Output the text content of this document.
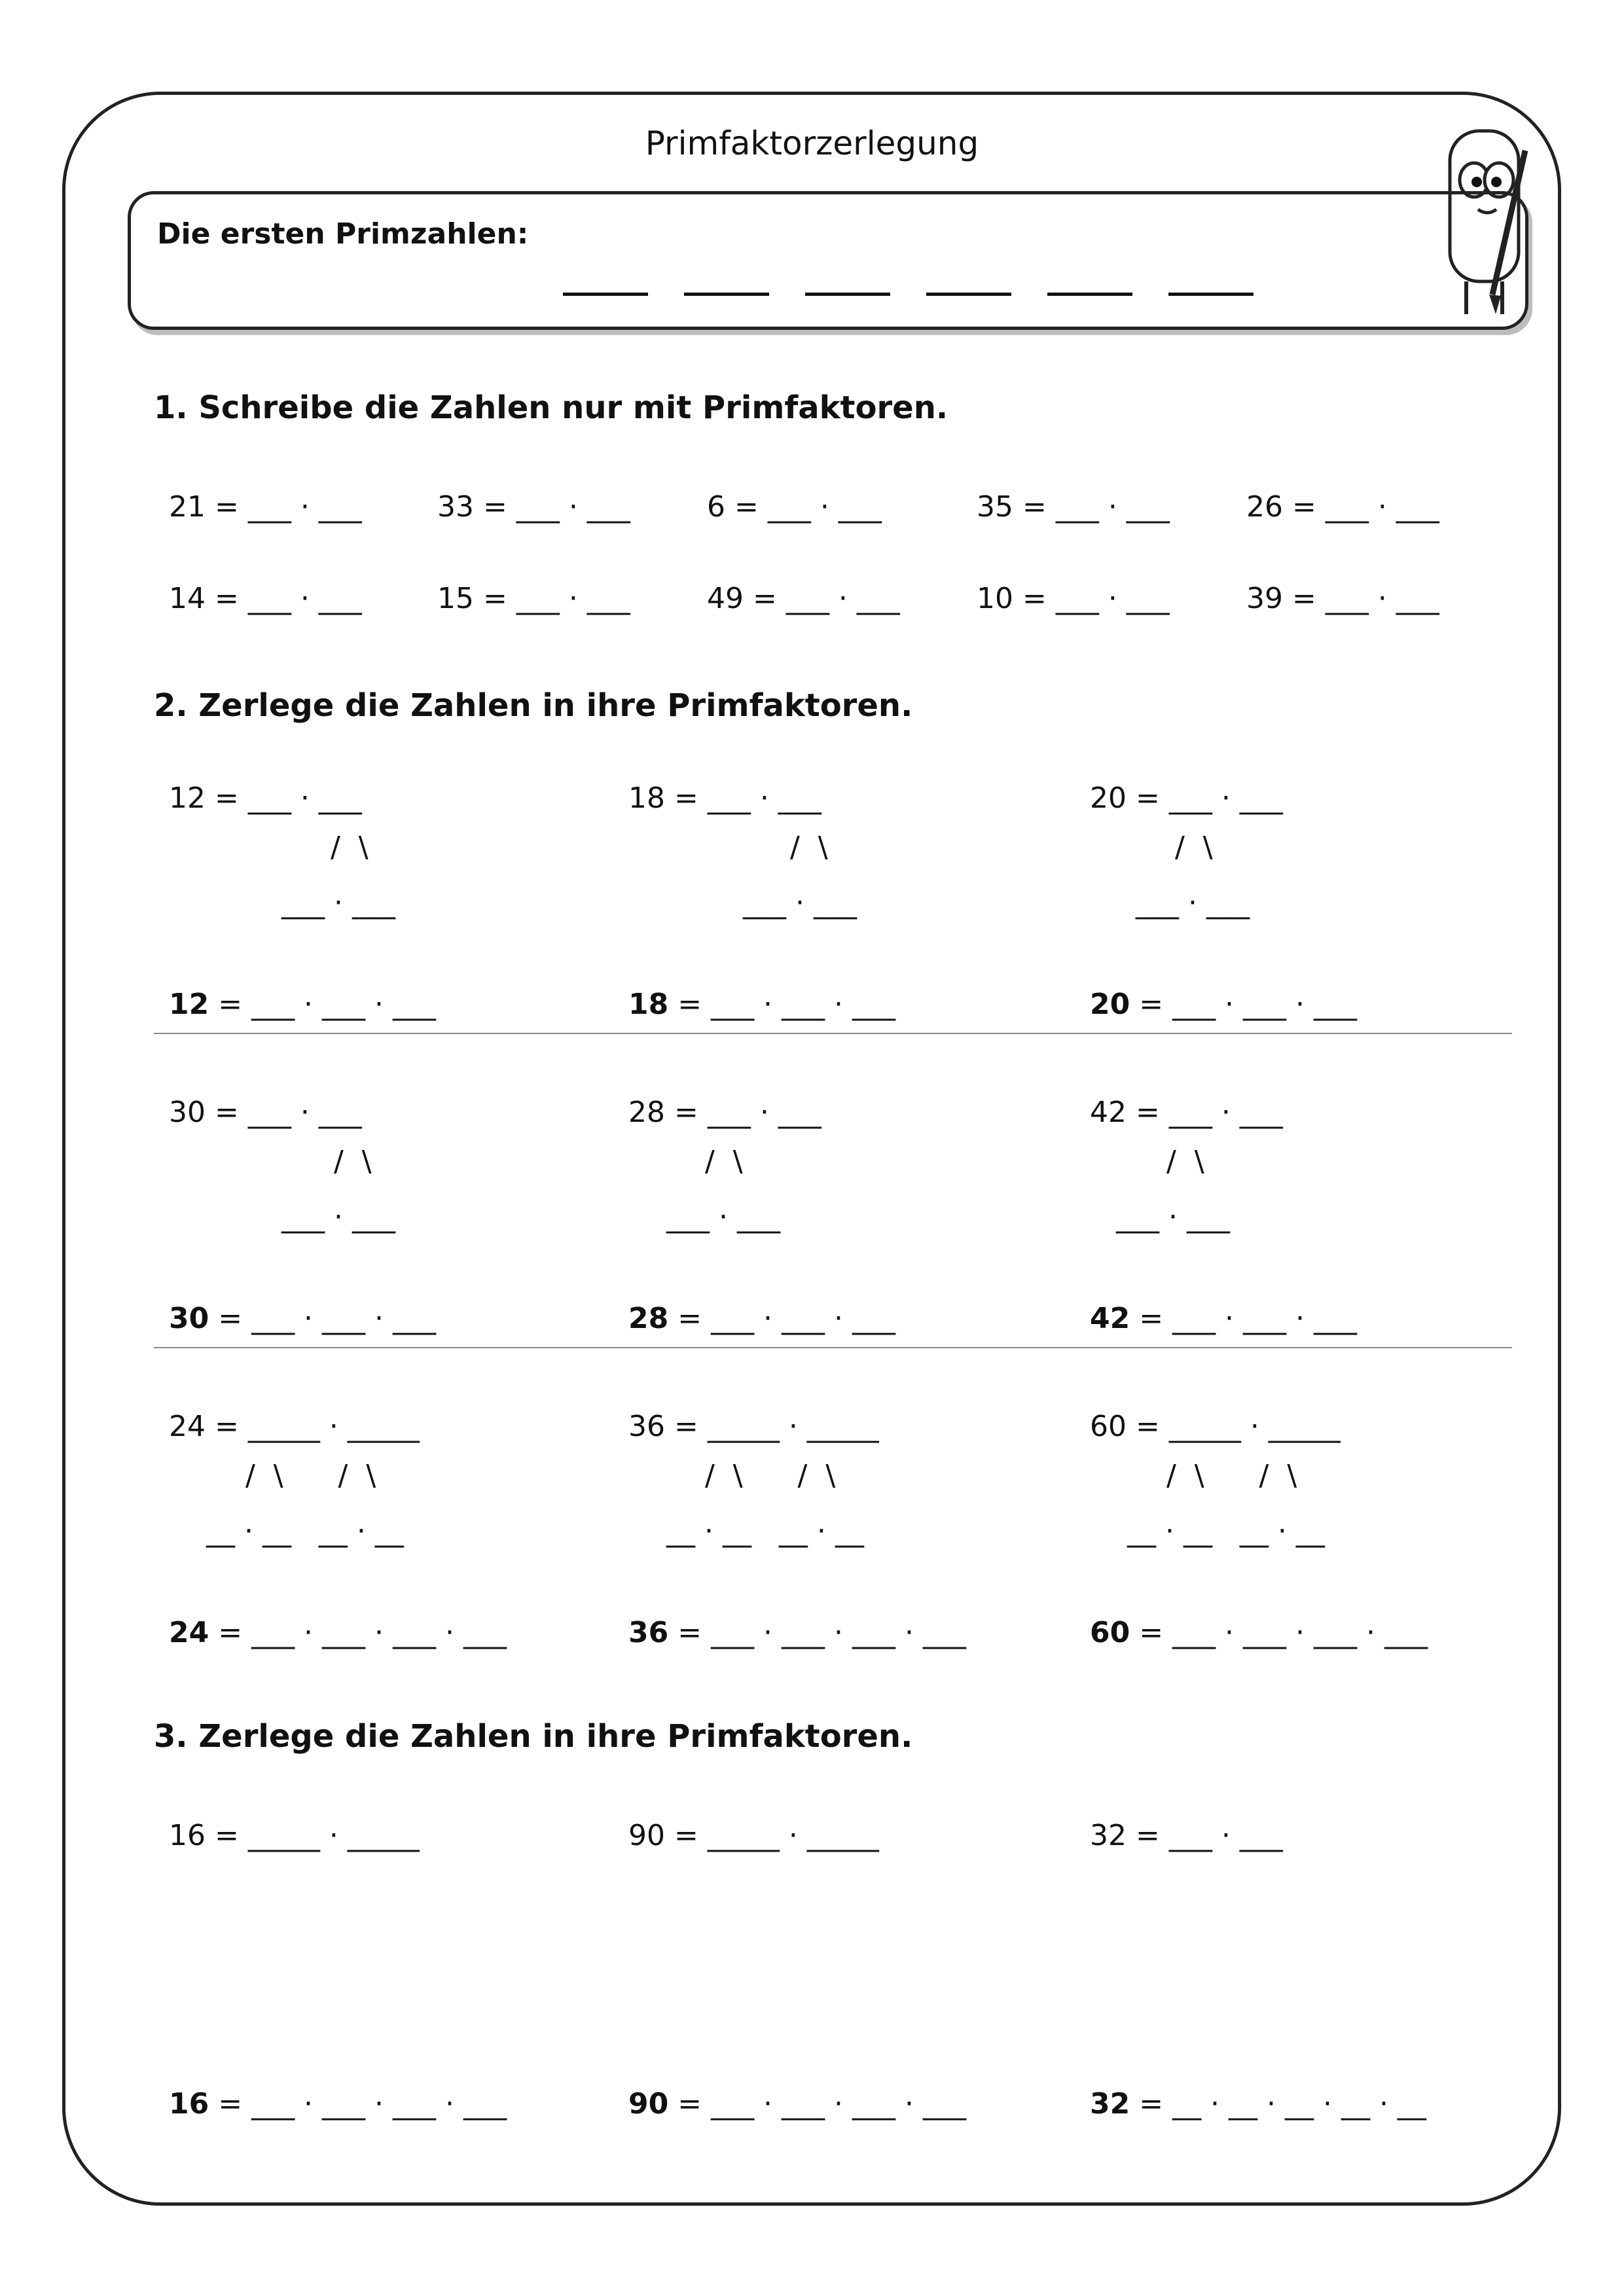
Primfaktorzerlegung
Die ersten Primzahlen:
1. Schreibe die Zahlen nur mit Primfaktoren.
21 = ___ · ___	33 = ___ · ___	6 = ___ · ___	35 = ___ · ___	26 = ___ · ___
14 = ___ · ___	15 = ___ · ___	49 = ___ · ___	10 = ___ · ___	39 = ___ · ___
2. Zerlege die Zahlen in ihre Primfaktoren.
12 = ___ · ___	18 = ___ · ___	20 = ___ · ___
/  \	/  \	/  \
___ · ___	___ · ___	___ · ___
12 = ___ · ___ · ___	18 = ___ · ___ · ___	20 = ___ · ___ · ___
30 = ___ · ___	28 = ___ · ___	42 = ___ · ___
/  \	/  \	/  \
___ · ___	___ · ___	___ · ___
30 = ___ · ___ · ___	28 = ___ · ___ · ___	42 = ___ · ___ · ___
24 = _____ · _____	36 = _____ · _____	60 = _____ · _____
/  \      /  \	/  \      /  \	/  \      /  \
__ · __   __ · __	__ · __   __ · __	__ · __   __ · __
24 = ___ · ___ · ___ · ___	36 = ___ · ___ · ___ · ___	60 = ___ · ___ · ___ · ___
3. Zerlege die Zahlen in ihre Primfaktoren.
16 = _____ · _____	90 = _____ · _____	32 = ___ · ___
16 = ___ · ___ · ___ · ___	90 = ___ · ___ · ___ · ___	32 = __ · __ · __ · __ · __
